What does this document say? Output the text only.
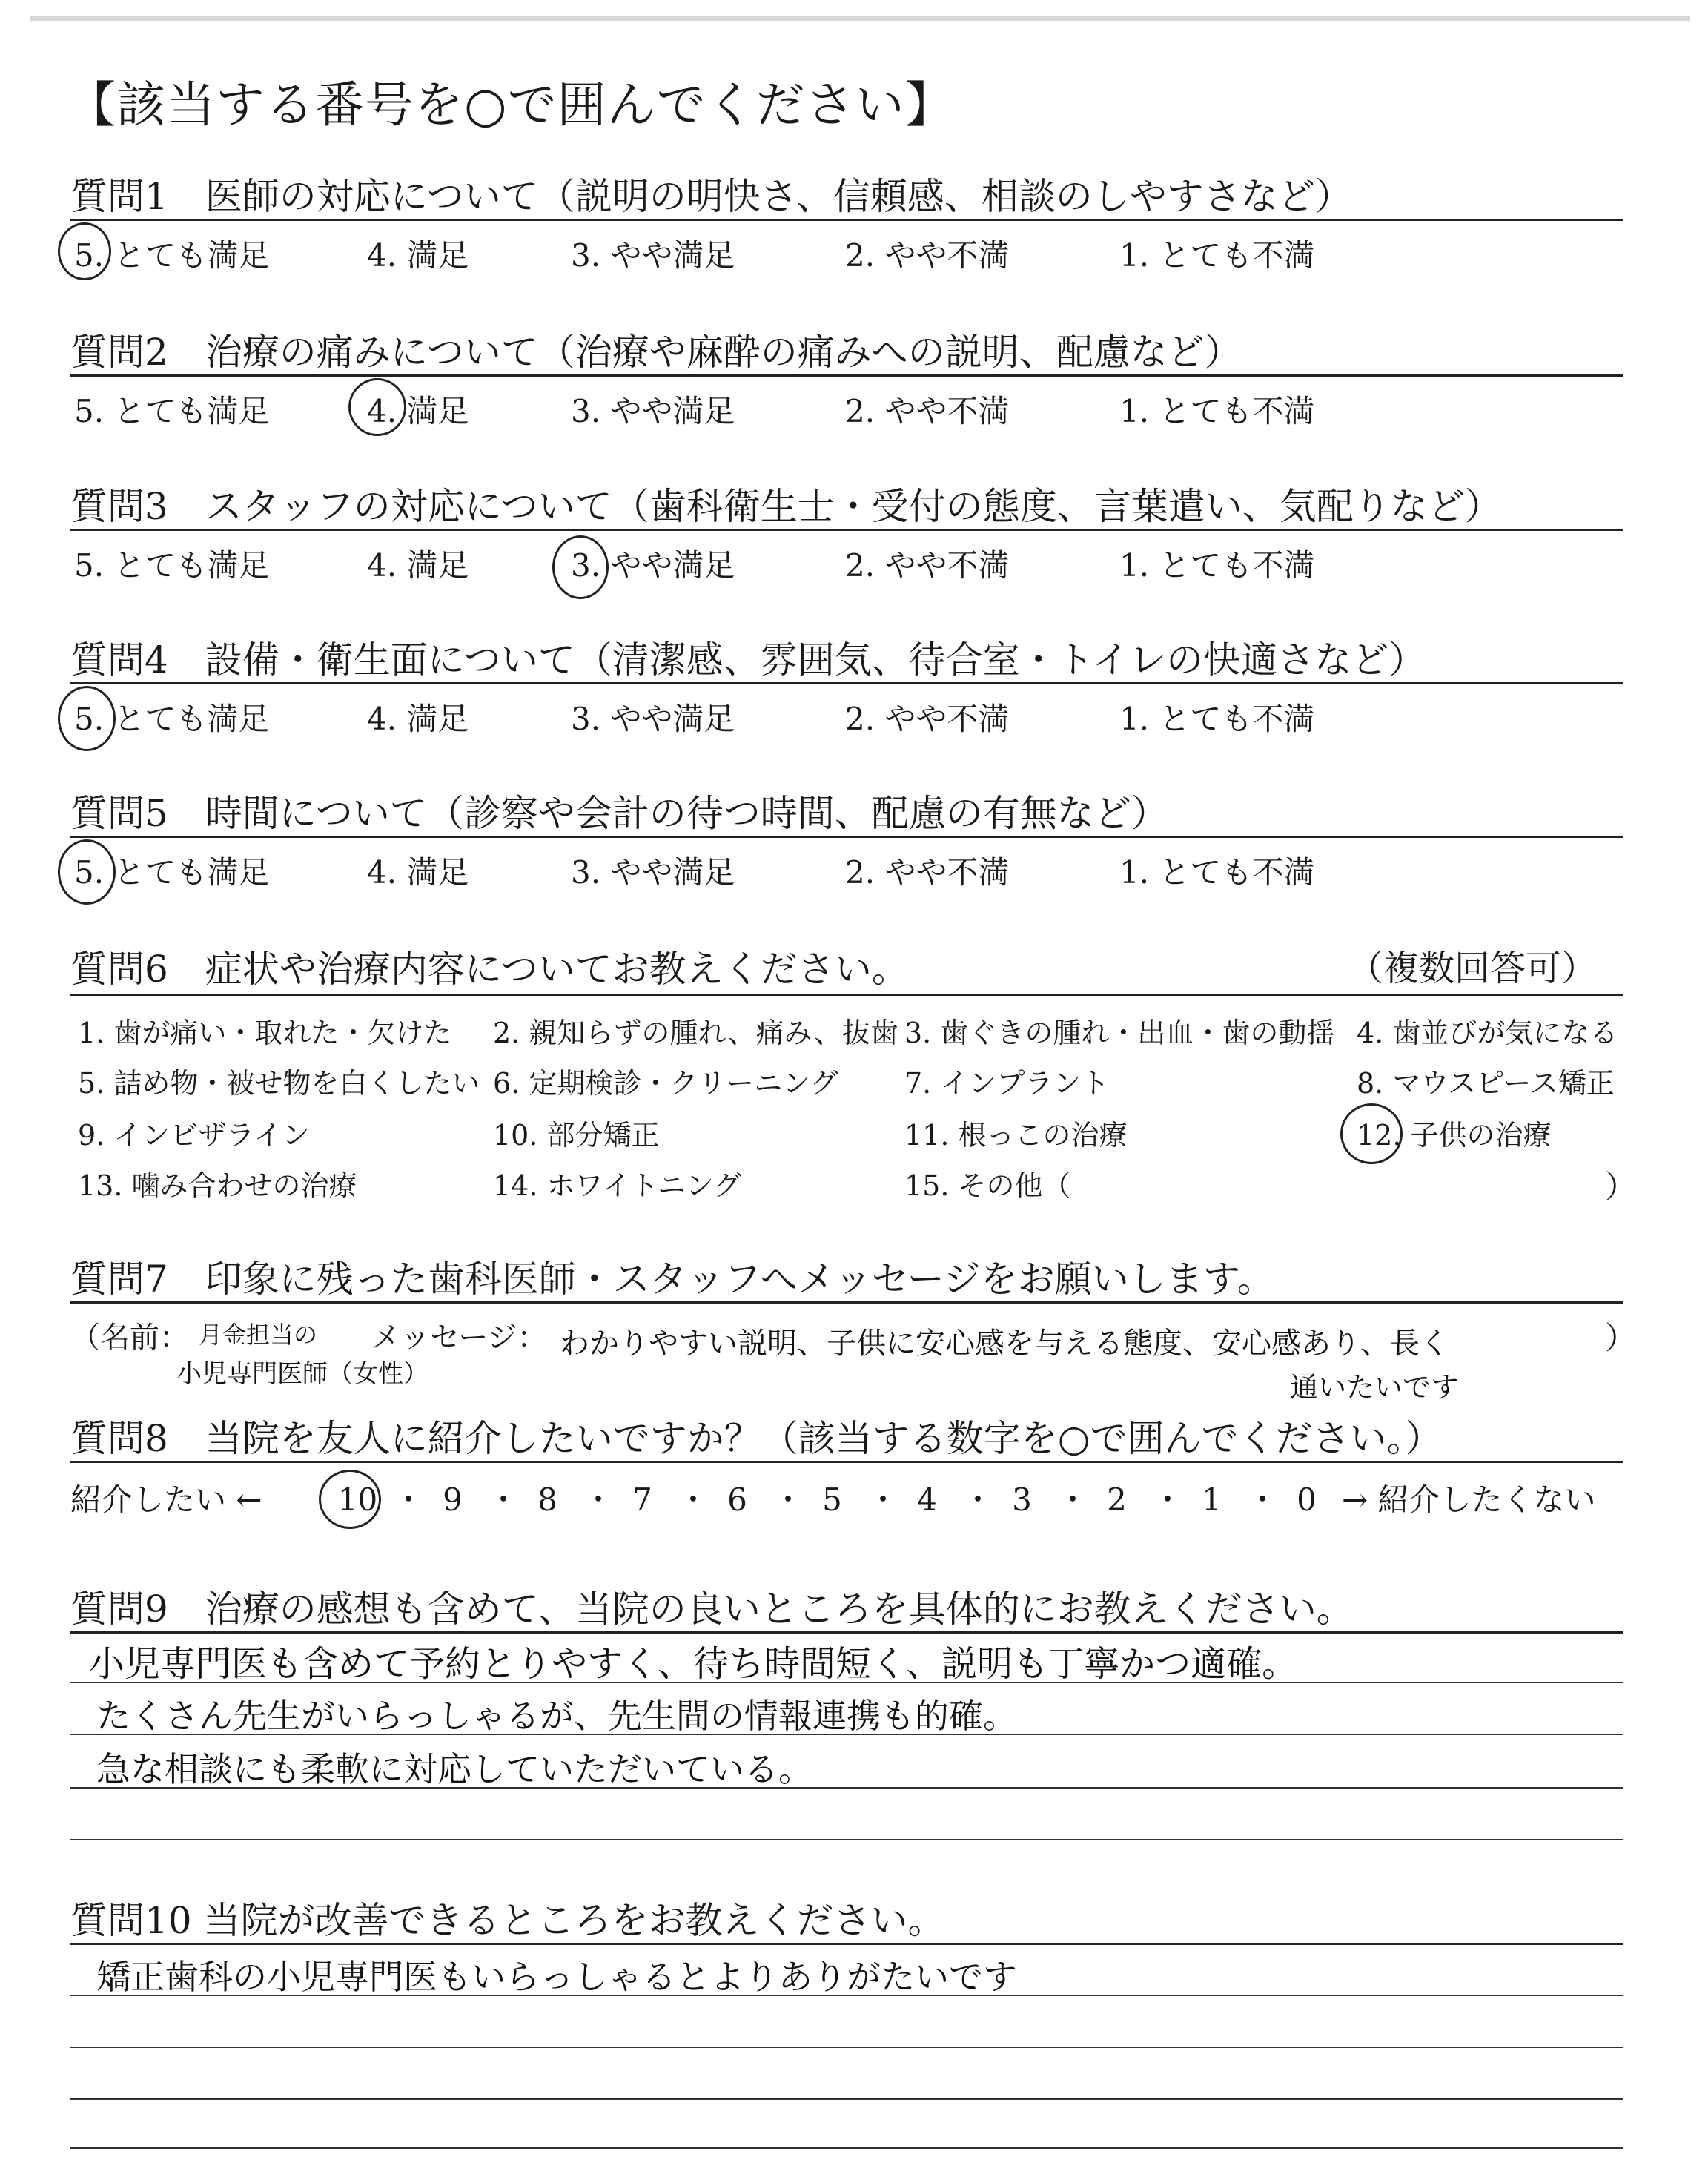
【該当する番号を○で囲んでください】
質問1　医師の対応について（説明の明快さ、信頼感、相談のしやすさなど）
5. とても満足	4. 満足	3. やや満足	2. やや不満	1. とても不満
質問2　治療の痛みについて（治療や麻酔の痛みへの説明、配慮など）
5. とても満足	4. 満足	3. やや満足	2. やや不満	1. とても不満
質問3　スタッフの対応について（歯科衛生士・受付の態度、言葉遣い、気配りなど）
5. とても満足	4. 満足	3. やや満足	2. やや不満	1. とても不満
質問4　設備・衛生面について（清潔感、雰囲気、待合室・トイレの快適さなど）
5. とても満足	4. 満足	3. やや満足	2. やや不満	1. とても不満
質問5　時間について（診察や会計の待つ時間、配慮の有無など）
5. とても満足	4. 満足	3. やや満足	2. やや不満	1. とても不満
質問6　症状や治療内容についてお教えください。	（複数回答可）
1. 歯が痛い・取れた・欠けた 2. 親知らずの腫れ、痛み、抜歯 3. 歯ぐきの腫れ・出血・歯の動揺 4. 歯並びが気になる
5. 詰め物・被せ物を白くしたい 6. 定期検診・クリーニング 7. インプラント	8. マウスピース矯正
9. インビザライン	10. 部分矯正	11. 根っこの治療	12. 子供の治療
13. 噛み合わせの治療	14. ホワイトニング	15. その他（	）
質問7　印象に残った歯科医師・スタッフへメッセージをお願いします。
（名前： 月金担当の
小児専門医師（女性）
メッセージ： わかりやすい説明、子供に安心感を与える態度、安心感あり、長く
通いたいです
）
質問8　当院を友人に紹介したいですか？（該当する数字を○で囲んでください。）
紹介したい ← 10 ・ 9 ・ 8 ・ 7 ・ 6 ・ 5 ・ 4 ・ 3 ・ 2 ・ 1 ・ 0 → 紹介したくない
質問9　治療の感想も含めて、当院の良いところを具体的にお教えください。
小児専門医も含めて予約とりやすく、待ち時間短く、説明も丁寧かつ適確。
たくさん先生がいらっしゃるが、先生間の情報連携も的確。
急な相談にも柔軟に対応していただいている。
質問10 当院が改善できるところをお教えください。
矯正歯科の小児専門医もいらっしゃるとよりありがたいです
